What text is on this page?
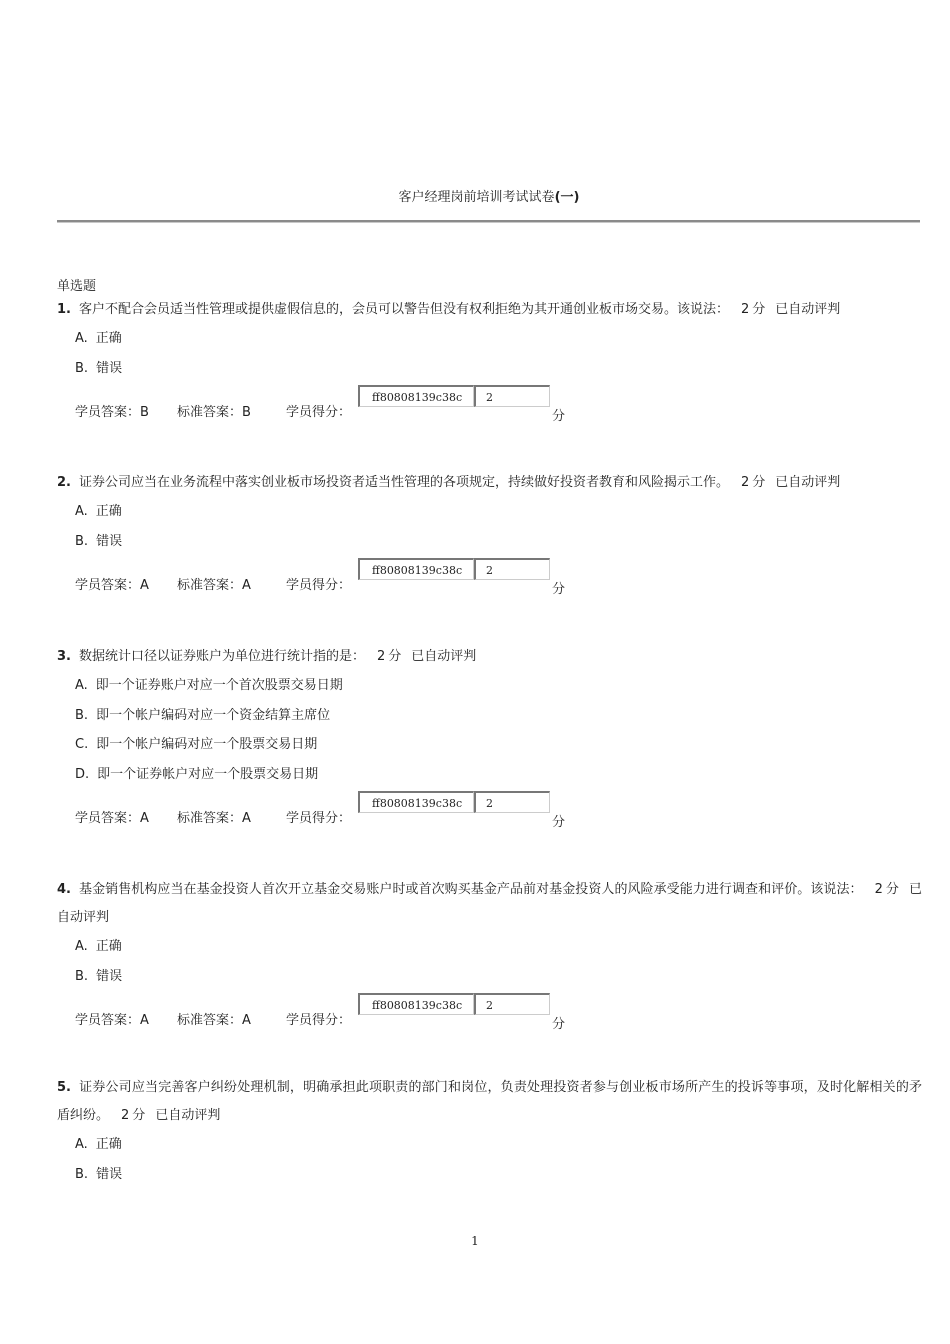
客户经理岗前培训考试试卷(一)
单选题
1. 客户不配合会员适当性管理或提供虚假信息的，会员可以警告但没有权利拒绝为其开通创业板市场交易。该说法： 2 分 已自动评判
A. 正确
B. 错误
学员答案：B 标准答案：B	学员得分：
ff80808139c38c	2
分
2. 证券公司应当在业务流程中落实创业板市场投资者适当性管理的各项规定，持续做好投资者教育和风险揭示工作。 2 分 已自动评判
A. 正确
B. 错误
学员答案：A 标准答案：A	学员得分：
ff80808139c38c	2
分
3. 数据统计口径以证券账户为单位进行统计指的是： 2 分 已自动评判
A. 即一个证券账户对应一个首次股票交易日期
B. 即一个帐户编码对应一个资金结算主席位
C. 即一个帐户编码对应一个股票交易日期
D. 即一个证券帐户对应一个股票交易日期
学员答案：A 标准答案：A	学员得分：
ff80808139c38c	2
分
4. 基金销售机构应当在基金投资人首次开立基金交易账户时或首次购买基金产品前对基金投资人的风险承受能力进行调查和评价。该说法： 2 分 已自动评判
A. 正确
B. 错误
学员答案：A 标准答案：A	学员得分：
ff80808139c38c	2
分
5. 证券公司应当完善客户纠纷处理机制，明确承担此项职责的部门和岗位，负责处理投资者参与创业板市场所产生的投诉等事项，及时化解相关的矛盾纠纷。 2 分 已自动评判
A. 正确
B. 错误
1
